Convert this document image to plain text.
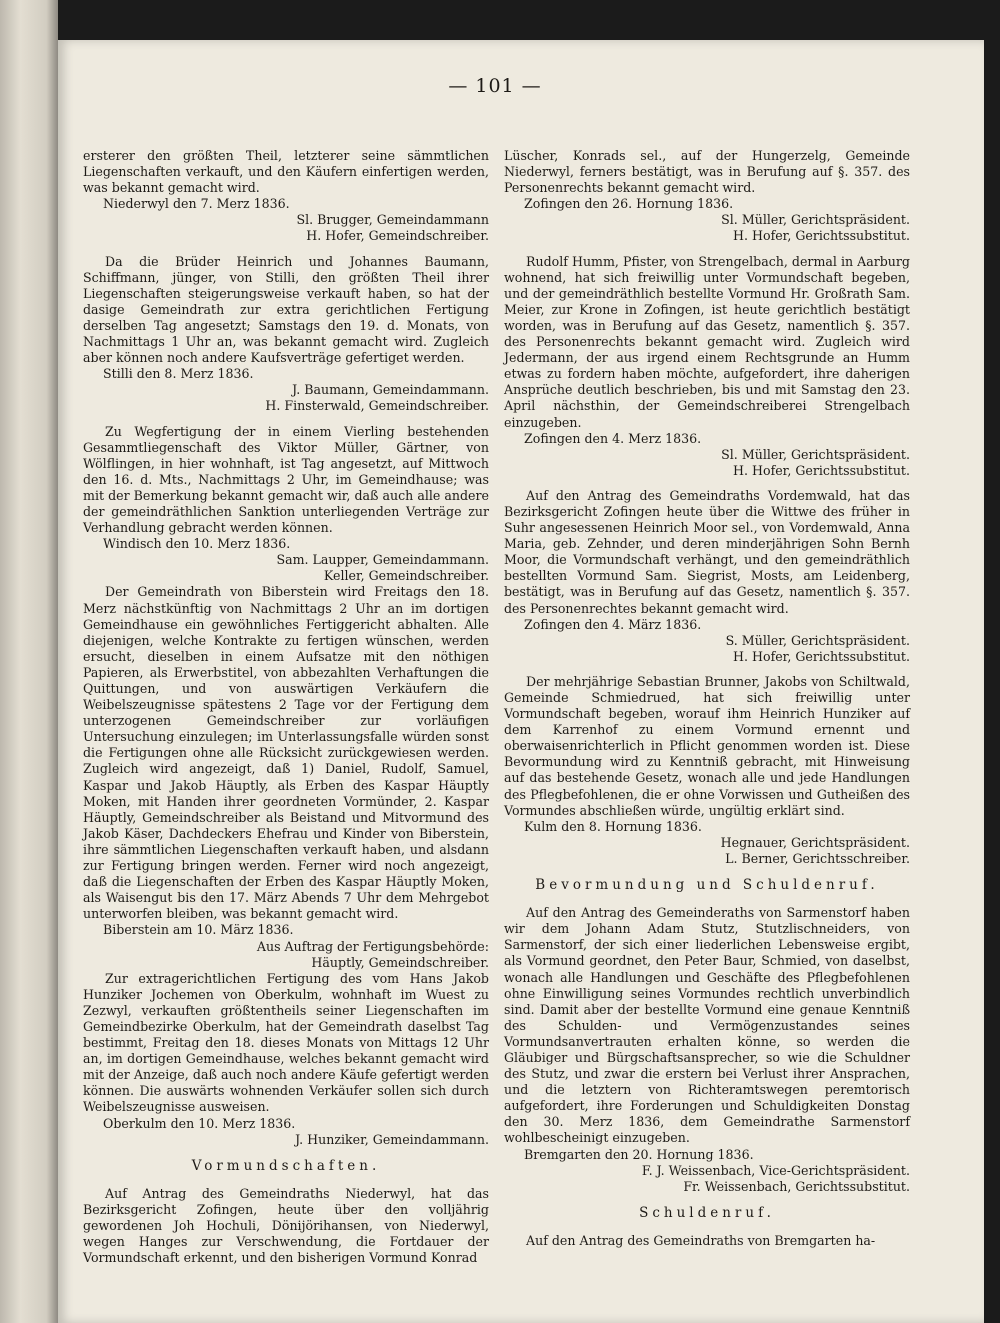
— 101 —

ersterer den größten Theil, letzterer seine sämmtlichen Liegenschaften verkauft, und den Käufern einfertigen werden, was bekannt gemacht wird.

Niederwyl den 7. Merz 1836.

Sl. Brugger, Gemeindammann

H. Hofer, Gemeindschreiber.

Da die Brüder Heinrich und Johannes Baumann, Schiffmann, jünger, von Stilli, den größten Theil ihrer Liegenschaften steigerungsweise verkauft haben, so hat der dasige Gemeindrath zur extra gerichtlichen Fertigung derselben Tag angesetzt; Samstags den 19. d. Monats, von Nachmittags 1 Uhr an, was bekannt gemacht wird. Zugleich aber können noch andere Kaufsverträge gefertiget werden.

Stilli den 8. Merz 1836.

J. Baumann, Gemeindammann.

H. Finsterwald, Gemeindschreiber.

Zu Wegfertigung der in einem Vierling bestehenden Gesammtliegenschaft des Viktor Müller, Gärtner, von Wölflingen, in hier wohnhaft, ist Tag angesetzt, auf Mittwoch den 16. d. Mts., Nachmittags 2 Uhr, im Gemeindhause; was mit der Bemerkung bekannt gemacht wir, daß auch alle andere der gemeindräthlichen Sanktion unterliegenden Verträge zur Verhandlung gebracht werden können.

Windisch den 10. Merz 1836.

Sam. Laupper, Gemeindammann.

Keller, Gemeindschreiber.

Der Gemeindrath von Biberstein wird Freitags den 18. Merz nächstkünftig von Nachmittags 2 Uhr an im dortigen Gemeindhause ein gewöhnliches Fertiggericht abhalten. Alle diejenigen, welche Kontrakte zu fertigen wünschen, werden ersucht, dieselben in einem Aufsatze mit den nöthigen Papieren, als Erwerbstitel, von abbezahlten Verhaftungen die Quittungen, und von auswärtigen Verkäufern die Weibelszeugnisse spätestens 2 Tage vor der Fertigung dem unterzogenen Gemeindschreiber zur vorläufigen Untersuchung einzulegen; im Unterlassungsfalle würden sonst die Fertigungen ohne alle Rücksicht zurückgewiesen werden. Zugleich wird angezeigt, daß 1) Daniel, Rudolf, Samuel, Kaspar und Jakob Häuptly, als Erben des Kaspar Häuptly Moken, mit Handen ihrer geordneten Vormünder, 2. Kaspar Häuptly, Gemeindschreiber als Beistand und Mitvormund des Jakob Käser, Dachdeckers Ehefrau und Kinder von Biberstein, ihre sämmtlichen Liegenschaften verkauft haben, und alsdann zur Fertigung bringen werden. Ferner wird noch angezeigt, daß die Liegenschaften der Erben des Kaspar Häuptly Moken, als Waisengut bis den 17. März Abends 7 Uhr dem Mehrgebot unterworfen bleiben, was bekannt gemacht wird.

Biberstein am 10. März 1836.

Aus Auftrag der Fertigungsbehörde:

Häuptly, Gemeindschreiber.

Zur extragerichtlichen Fertigung des vom Hans Jakob Hunziker Jochemen von Oberkulm, wohnhaft im Wuest zu Zezwyl, verkauften größtentheils seiner Liegenschaften im Gemeindbezirke Oberkulm, hat der Gemeindrath daselbst Tag bestimmt, Freitag den 18. dieses Monats von Mittags 12 Uhr an, im dortigen Gemeindhause, welches bekannt gemacht wird mit der Anzeige, daß auch noch andere Käufe gefertigt werden können. Die auswärts wohnenden Verkäufer sollen sich durch Weibelszeugnisse ausweisen.

Oberkulm den 10. Merz 1836.

J. Hunziker, Gemeindammann.

Vormundschaften.

Auf Antrag des Gemeindraths Niederwyl, hat das Bezirksgericht Zofingen, heute über den volljährig gewordenen Joh Hochuli, Dönijörihansen, von Niederwyl, wegen Hanges zur Verschwendung, die Fortdauer der Vormundschaft erkennt, und den bisherigen Vormund Konrad

Lüscher, Konrads sel., auf der Hungerzelg, Gemeinde Niederwyl, ferners bestätigt, was in Berufung auf §. 357. des Personenrechts bekannt gemacht wird.

Zofingen den 26. Hornung 1836.

Sl. Müller, Gerichtspräsident.

H. Hofer, Gerichtssubstitut.

Rudolf Humm, Pfister, von Strengelbach, dermal in Aarburg wohnend, hat sich freiwillig unter Vormundschaft begeben, und der gemeindräthlich bestellte Vormund Hr. Großrath Sam. Meier, zur Krone in Zofingen, ist heute gerichtlich bestätigt worden, was in Berufung auf das Gesetz, namentlich §. 357. des Personenrechts bekannt gemacht wird. Zugleich wird Jedermann, der aus irgend einem Rechtsgrunde an Humm etwas zu fordern haben möchte, aufgefordert, ihre daherigen Ansprüche deutlich beschrieben, bis und mit Samstag den 23. April nächsthin, der Gemeindschreiberei Strengelbach einzugeben.

Zofingen den 4. Merz 1836.

Sl. Müller, Gerichtspräsident.

H. Hofer, Gerichtssubstitut.

Auf den Antrag des Gemeindraths Vordemwald, hat das Bezirksgericht Zofingen heute über die Wittwe des früher in Suhr angesessenen Heinrich Moor sel., von Vordemwald, Anna Maria, geb. Zehnder, und deren minderjährigen Sohn Bernh Moor, die Vormundschaft verhängt, und den gemeindräthlich bestellten Vormund Sam. Siegrist, Mosts, am Leidenberg, bestätigt, was in Berufung auf das Gesetz, namentlich §. 357. des Personenrechtes bekannt gemacht wird.

Zofingen den 4. März 1836.

S. Müller, Gerichtspräsident.

H. Hofer, Gerichtssubstitut.

Der mehrjährige Sebastian Brunner, Jakobs von Schiltwald, Gemeinde Schmiedrued, hat sich freiwillig unter Vormundschaft begeben, worauf ihm Heinrich Hunziker auf dem Karrenhof zu einem Vormund ernennt und oberwaisenrichterlich in Pflicht genommen worden ist. Diese Bevormundung wird zu Kenntniß gebracht, mit Hinweisung auf das bestehende Gesetz, wonach alle und jede Handlungen des Pflegbefohlenen, die er ohne Vorwissen und Gutheißen des Vormundes abschließen würde, ungültig erklärt sind.

Kulm den 8. Hornung 1836.

Hegnauer, Gerichtspräsident.

L. Berner, Gerichtsschreiber.

Bevormundung und Schuldenruf.

Auf den Antrag des Gemeinderaths von Sarmenstorf haben wir dem Johann Adam Stutz, Stutzlischneiders, von Sarmenstorf, der sich einer liederlichen Lebensweise ergibt, als Vormund geordnet, den Peter Baur, Schmied, von daselbst, wonach alle Handlungen und Geschäfte des Pflegbefohlenen ohne Einwilligung seines Vormundes rechtlich unverbindlich sind. Damit aber der bestellte Vormund eine genaue Kenntniß des Schulden- und Vermögenzustandes seines Vormundsanvertrauten erhalten könne, so werden die Gläubiger und Bürgschaftsansprecher, so wie die Schuldner des Stutz, und zwar die erstern bei Verlust ihrer Ansprachen, und die letztern von Richteramtswegen peremtorisch aufgefordert, ihre Forderungen und Schuldigkeiten Donstag den 30. Merz 1836, dem Gemeindrathe Sarmenstorf wohlbescheinigt einzugeben.

Bremgarten den 20. Hornung 1836.

F. J. Weissenbach, Vice-Gerichtspräsident.

Fr. Weissenbach, Gerichtssubstitut.

Schuldenruf.

Auf den Antrag des Gemeindraths von Bremgarten ha-
